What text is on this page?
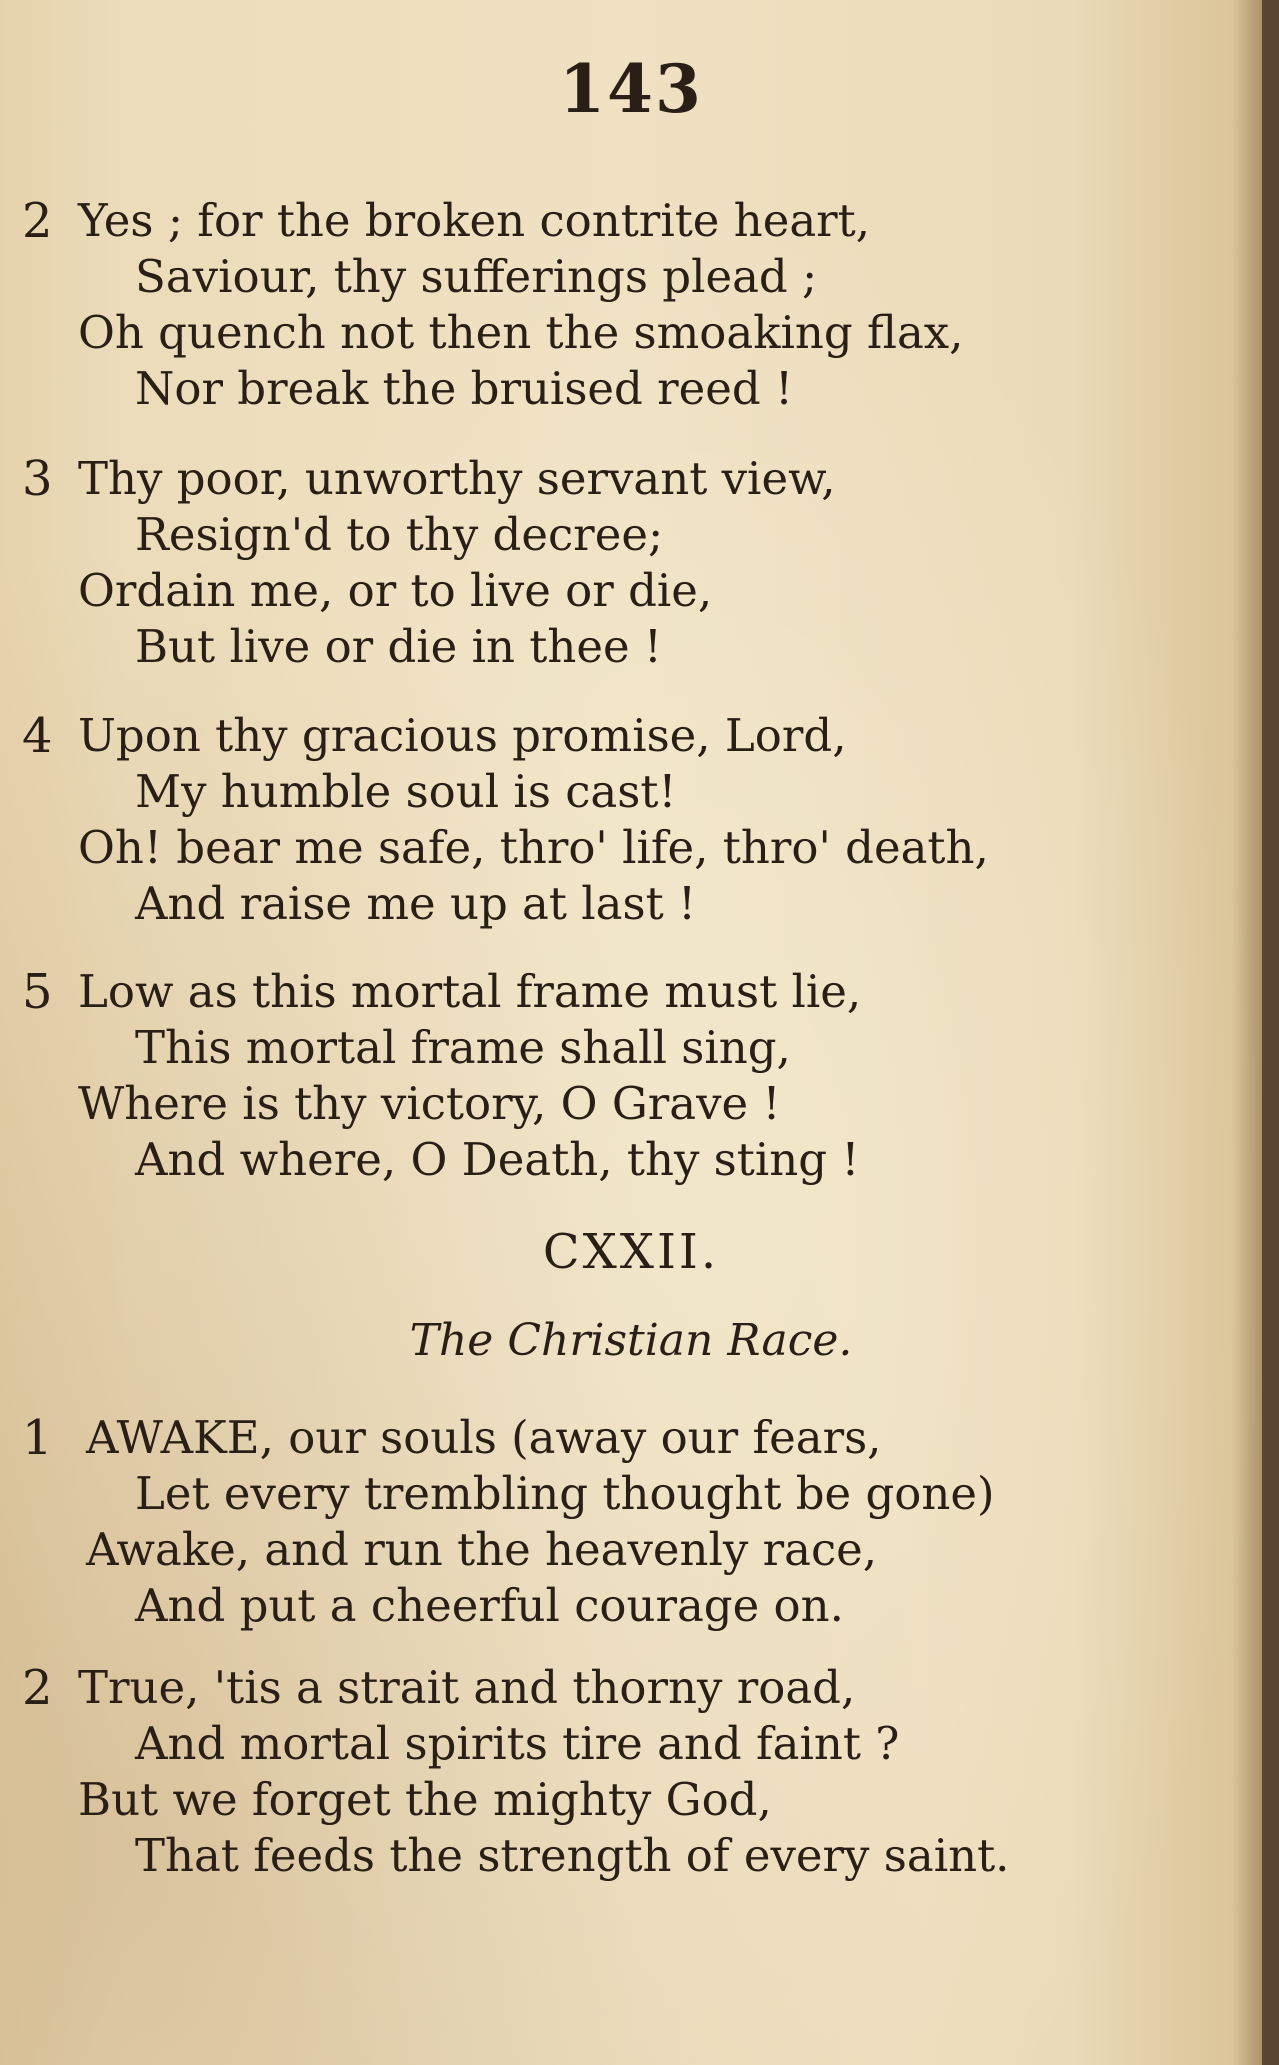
143
2 Yes ; for the broken contrite heart,
Saviour, thy sufferings plead ;
Oh quench not then the smoaking flax,
Nor break the bruised reed !
3 Thy poor, unworthy servant view,
Resign'd to thy decree;
Ordain me, or to live or die,
But live or die in thee !
4 Upon thy gracious promise, Lord,
My humble soul is cast!
Oh! bear me safe, thro' life, thro' death,
And raise me up at last !
5 Low as this mortal frame must lie,
This mortal frame shall sing,
Where is thy victory, O Grave !
And where, O Death, thy sting !
CXXII.
The Christian Race.
1 AWAKE, our souls (away our fears,
Let every trembling thought be gone)
Awake, and run the heavenly race,
And put a cheerful courage on.
2 True, 'tis a strait and thorny road,
And mortal spirits tire and faint ?
But we forget the mighty God,
That feeds the strength of every saint.
